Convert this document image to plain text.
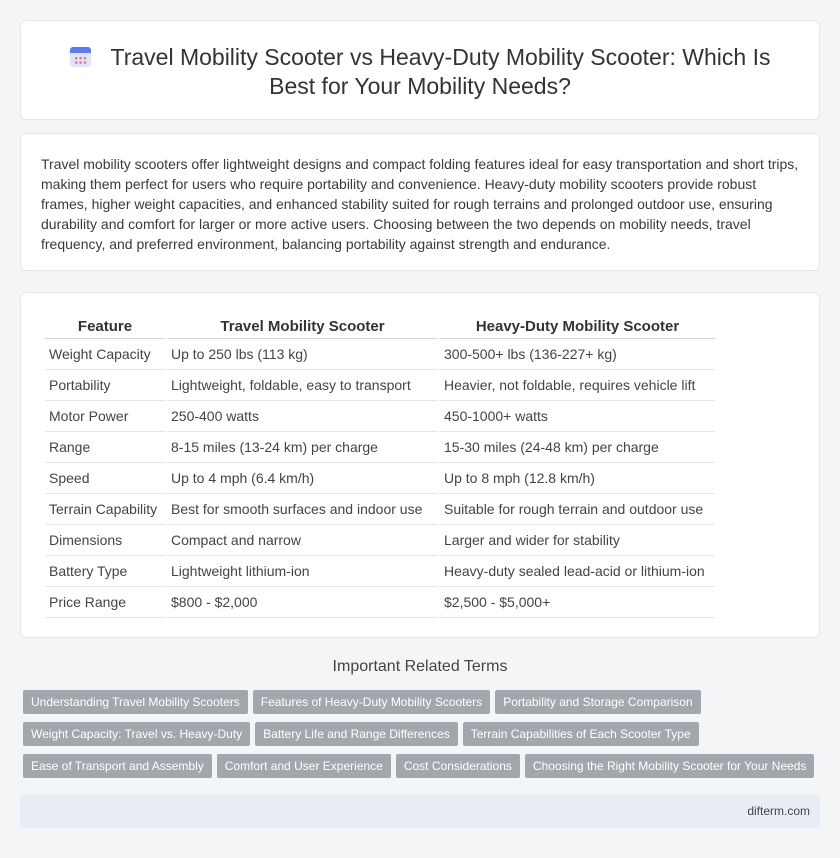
Travel Mobility Scooter vs Heavy-Duty Mobility Scooter: Which Is Best for Your Mobility Needs?

Travel mobility scooters offer lightweight designs and compact folding features ideal for easy transportation and short trips, making them perfect for users who require portability and convenience. Heavy-duty mobility scooters provide robust frames, higher weight capacities, and enhanced stability suited for rough terrains and prolonged outdoor use, ensuring durability and comfort for larger or more active users. Choosing between the two depends on mobility needs, travel frequency, and preferred environment, balancing portability against strength and endurance.

Feature	Travel Mobility Scooter	Heavy-Duty Mobility Scooter
Weight Capacity	Up to 250 lbs (113 kg)	300-500+ lbs (136-227+ kg)
Portability	Lightweight, foldable, easy to transport	Heavier, not foldable, requires vehicle lift
Motor Power	250-400 watts	450-1000+ watts
Range	8-15 miles (13-24 km) per charge	15-30 miles (24-48 km) per charge
Speed	Up to 4 mph (6.4 km/h)	Up to 8 mph (12.8 km/h)
Terrain Capability	Best for smooth surfaces and indoor use	Suitable for rough terrain and outdoor use
Dimensions	Compact and narrow	Larger and wider for stability
Battery Type	Lightweight lithium-ion	Heavy-duty sealed lead-acid or lithium-ion
Price Range	$800 - $2,000	$2,500 - $5,000+
Important Related Terms
Understanding Travel Mobility Scooters Features of Heavy-Duty Mobility Scooters Portability and Storage Comparison
Weight Capacity: Travel vs. Heavy-Duty Battery Life and Range Differences Terrain Capabilities of Each Scooter Type
Ease of Transport and Assembly Comfort and User Experience Cost Considerations Choosing the Right Mobility Scooter for Your Needs
difterm.com
